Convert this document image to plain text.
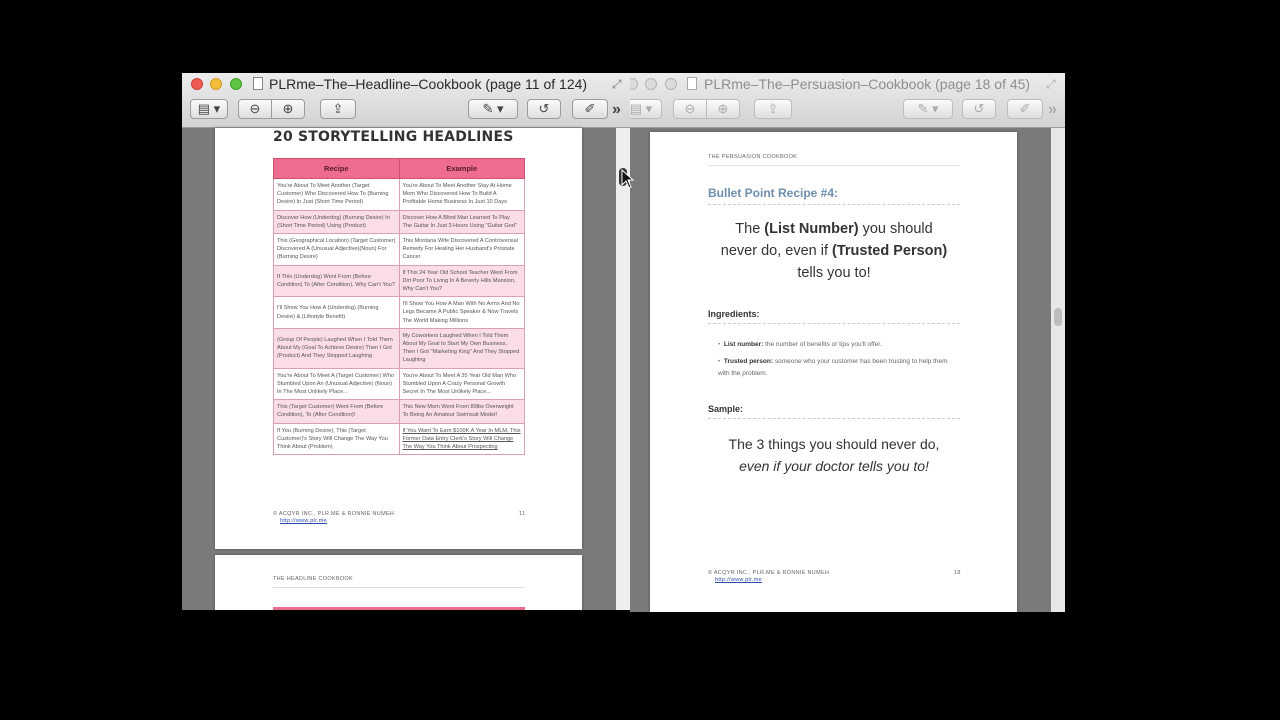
PLRme–The–Headline–Cookbook (page 11 of 124) ⤢
▤ ▾ ⊖ ⊕	⇪	✎ ▾	↺	✐ »
20 STORYTELLING HEADLINES
Recipe	Example
You're About To Meet Another (Target Customer) Who Discovered How To (Burning Desire) In Just (Short Time Period)	You're About To Meet Another Stay At Home Mom Who Discovered How To Build A Profitable Home Business In Just 10 Days
Discover How (Underdog) (Burning Desire) In (Short Time Period) Using (Product)	Discover How A Blind Man Learned To Play The Guitar In Just 3 Hours Using "Guitar God"
This (Geographical Location) (Target Customer) Discovered A (Unusual Adjective)(Noun) For (Burning Desire)	This Montana Wife Discovered A Controversial Remedy For Healing Her Husband's Prostate Cancer
If This (Underdog) Went From (Before Condition) To (After Condition), Why Can't You?	If This 24 Year Old School Teacher Went From Dirt Poor To Living In A Beverly Hills Mansion, Why Can't You?
I'll Show You How A (Underdog) (Burning Desire) & (Lifestyle Benefit)	I'll Show You How A Man With No Arms And No Legs Became A Public Speaker & Now Travels The World Making Millions
(Group Of People) Laughed When I Told Them About My (Goal To Achieve Desire) Then I Got (Product) And They Stopped Laughing	My Coworkers Laughed When I Told Them About My Goal to Start My Own Business, Then I Got "Marketing King" And They Stopped Laughing
You're About To Meet A (Target Customer) Who Stumbled Upon An (Unusual Adjective) (Noun) In The Most Unlikely Place...	You're About To Meet A 35 Year Old Man Who Stumbled Upon A Crazy Personal Growth Secret In The Most Unlikely Place...
This (Target Customer) Went From (Before Condition), To (After Condition)!	This New Mom Went From 89lbs Overweight To Being An Amateur Swimsuit Model!
If You (Burning Desire), This (Target Customer)'s Story Will Change The Way You Think About (Problem)	If You Want To Earn $100K A Year In MLM, This Former Data Entry Clerk's Story Will Change The Way You Think About Prospecting
© ACQYR INC., PLR.ME & RONNIE NUMEH
http://www.plr.me
11
THE HEADLINE COOKBOOK
PLRme–The–Persuasion–Cookbook (page 18 of 45) ⤢
▤ ▾ ⊖ ⊕	⇪	✎ ▾	↺	✐ »
THE PERSUASION COOKBOOK
Bullet Point Recipe #4:
The (List Number) you should never do, even if (Trusted Person) tells you to!
Ingredients:
• List number: the number of benefits or tips you'll offer.
• Trusted person: someone who your customer has been trusting to help them with the problem.
Sample:
The 3 things you should never do,
even if your doctor tells you to!
© ACQYR INC., PLR.ME & RONNIE NUMEH
http://www.plr.me
18
